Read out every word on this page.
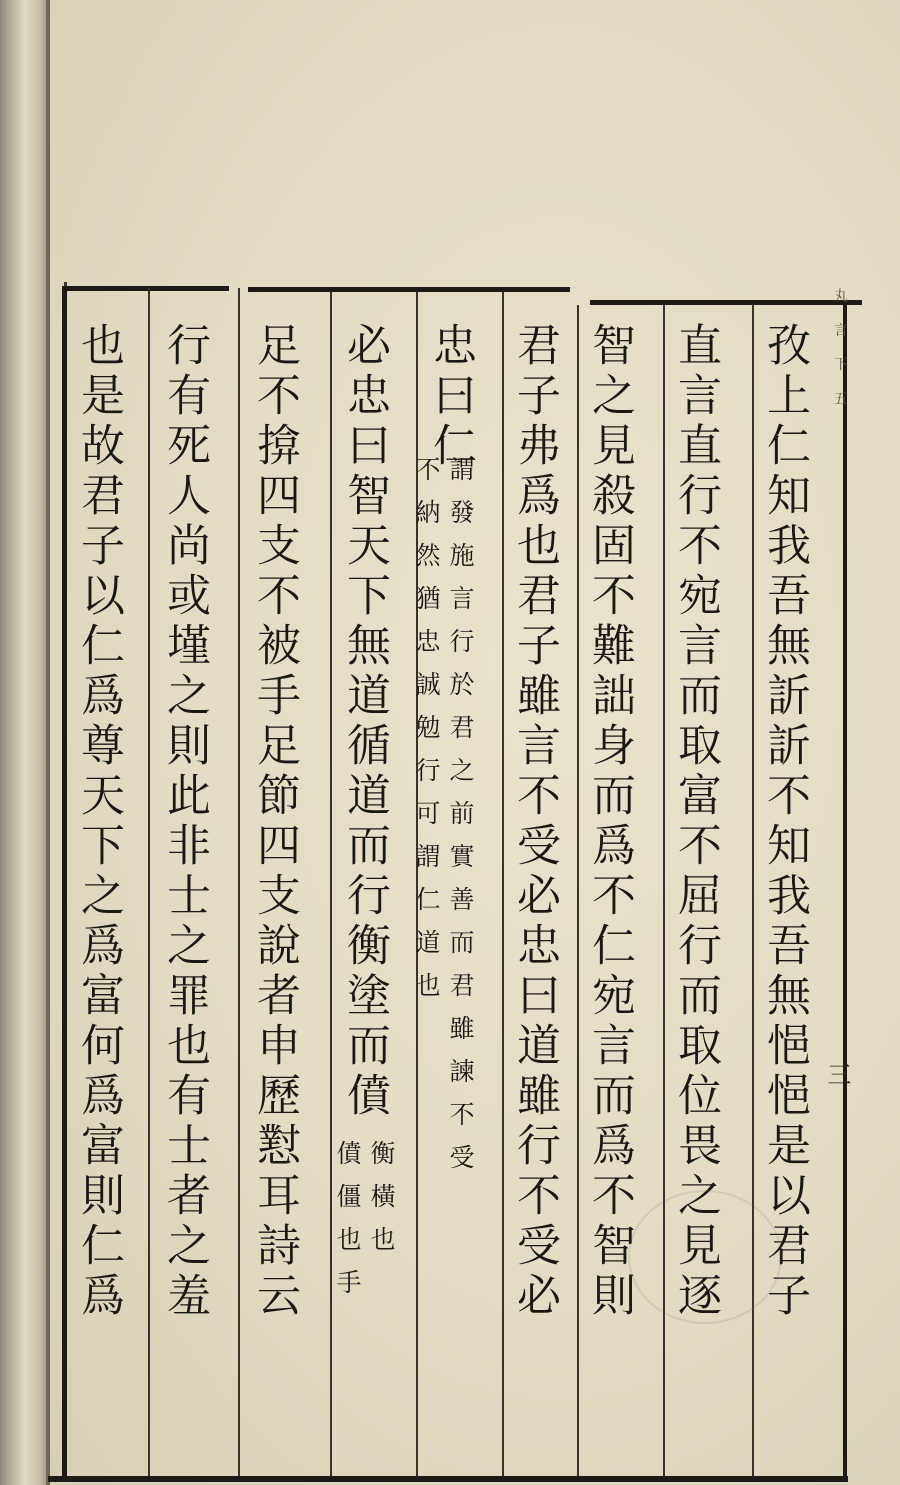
丸 言 下 五
三
孜上仁知我吾無訢訢不知我吾無悒悒是以君子
直言直行不宛言而取富不屈行而取位畏之見逐
智之見殺固不難詘身而爲不仁宛言而爲不智則
君子弗爲也君子雖言不受必忠曰道雖行不受必
忠曰仁
謂發施言行於君之前實善而君雖諫不受
不納然猶忠誠勉行可謂仁道也
必忠曰智天下無道循道而行衡塗而僨
衡橫也
僨僵也手
足不揜四支不被手足節四支說者申歷懟耳詩云
行有死人尚或墐之則此非士之罪也有士者之羞
也是故君子以仁爲尊天下之爲富何爲富則仁爲
